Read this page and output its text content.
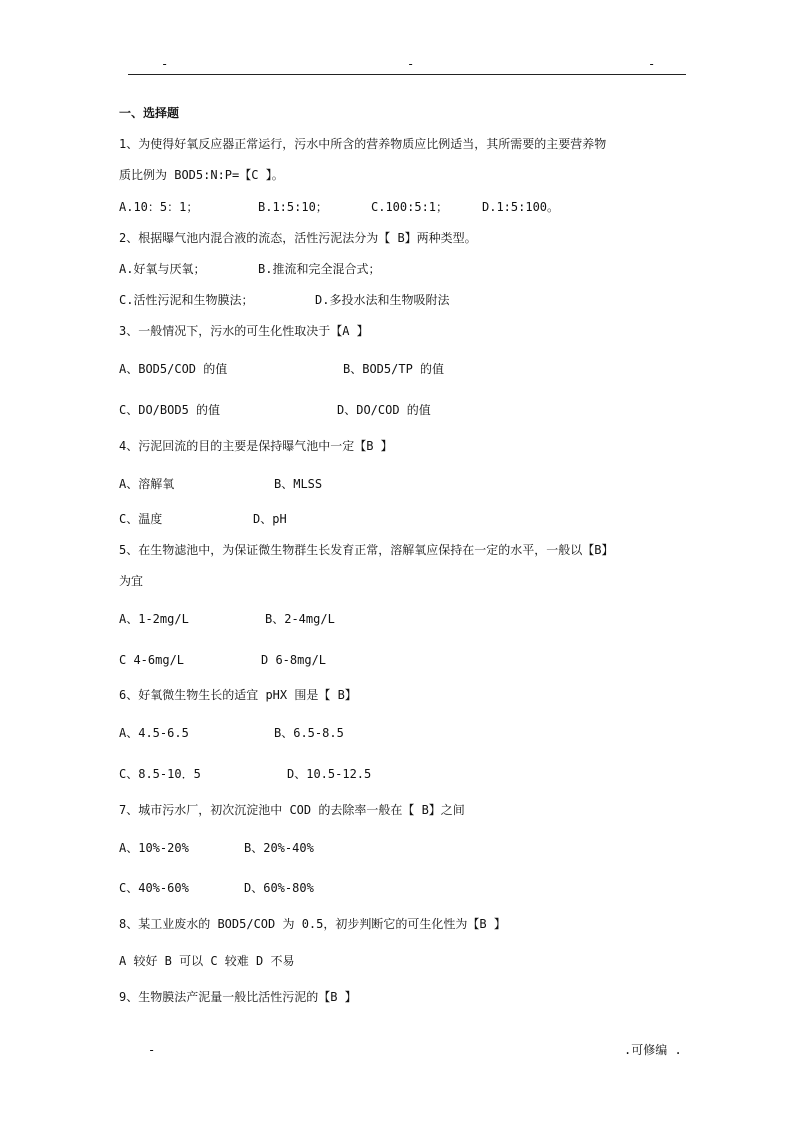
-	-	-
一、选择题
1、为使得好氧反应器正常运行，污水中所含的营养物质应比例适当，其所需要的主要营养物
质比例为 BOD5:N:P=【C 】。
A.10：5：1；	B.1:5:10；	C.100:5:1；	D.1:5:100。
2、根据曝气池内混合液的流态，活性污泥法分为【 B】两种类型。
A.好氧与厌氧；	B.推流和完全混合式；
C.活性污泥和生物膜法；	D.多投水法和生物吸附法
3、一般情况下，污水的可生化性取决于【A 】
A、BOD5/COD 的值	B、BOD5/TP 的值
C、DO/BOD5 的值	D、DO/COD 的值
4、污泥回流的目的主要是保持曝气池中一定【B 】
A、溶解氧	B、MLSS
C、温度	D、pH
5、在生物滤池中，为保证微生物群生长发育正常，溶解氧应保持在一定的水平，一般以【B】
为宜
A、1-2mg/L	B、2-4mg/L
C 4-6mg/L	D 6-8mg/L
6、好氧微生物生长的适宜 pHX 围是【 B】
A、4.5-6.5	B、6.5-8.5
C、8.5-10．5	D、10.5-12.5
7、城市污水厂，初次沉淀池中 COD 的去除率一般在【 B】之间
A、10%-20%	B、20%-40%
C、40%-60%	D、60%-80%
8、某工业废水的 BOD5/COD 为 0.5，初步判断它的可生化性为【B 】
A 较好 B 可以 C 较难 D 不易
9、生物膜法产泥量一般比活性污泥的【B 】
-	.可修编 .
